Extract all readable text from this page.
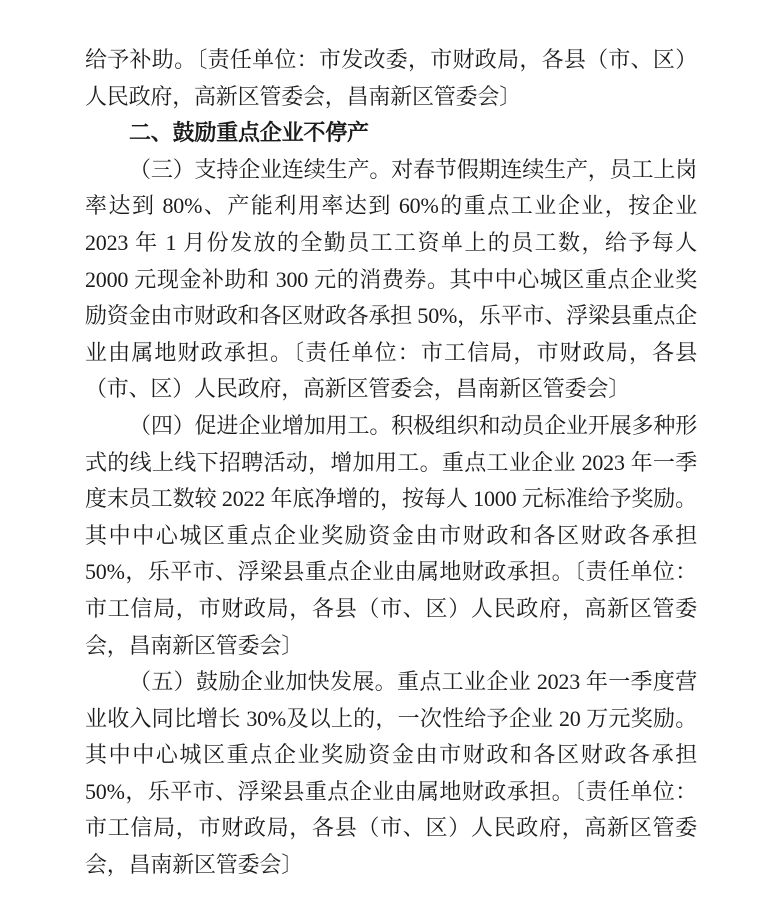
给予补助。〔责任单位：市发改委，市财政局，各县（市、区）人民政府，高新区管委会，昌南新区管委会〕

二、鼓励重点企业不停产

（三）支持企业连续生产。对春节假期连续生产，员工上岗率达到 80%、产能利用率达到 60%的重点工业企业，按企业 2023 年 1 月份发放的全勤员工工资单上的员工数，给予每人 2000 元现金补助和 300 元的消费券。其中中心城区重点企业奖励资金由市财政和各区财政各承担 50%，乐平市、浮梁县重点企业由属地财政承担。〔责任单位：市工信局，市财政局，各县（市、区）人民政府，高新区管委会，昌南新区管委会〕

（四）促进企业增加用工。积极组织和动员企业开展多种形式的线上线下招聘活动，增加用工。重点工业企业 2023 年一季度末员工数较 2022 年底净增的，按每人 1000 元标准给予奖励。其中中心城区重点企业奖励资金由市财政和各区财政各承担 50%，乐平市、浮梁县重点企业由属地财政承担。〔责任单位：市工信局，市财政局，各县（市、区）人民政府，高新区管委会，昌南新区管委会〕

（五）鼓励企业加快发展。重点工业企业 2023 年一季度营业收入同比增长 30%及以上的，一次性给予企业 20 万元奖励。其中中心城区重点企业奖励资金由市财政和各区财政各承担 50%，乐平市、浮梁县重点企业由属地财政承担。〔责任单位：市工信局，市财政局，各县（市、区）人民政府，高新区管委会，昌南新区管委会〕
